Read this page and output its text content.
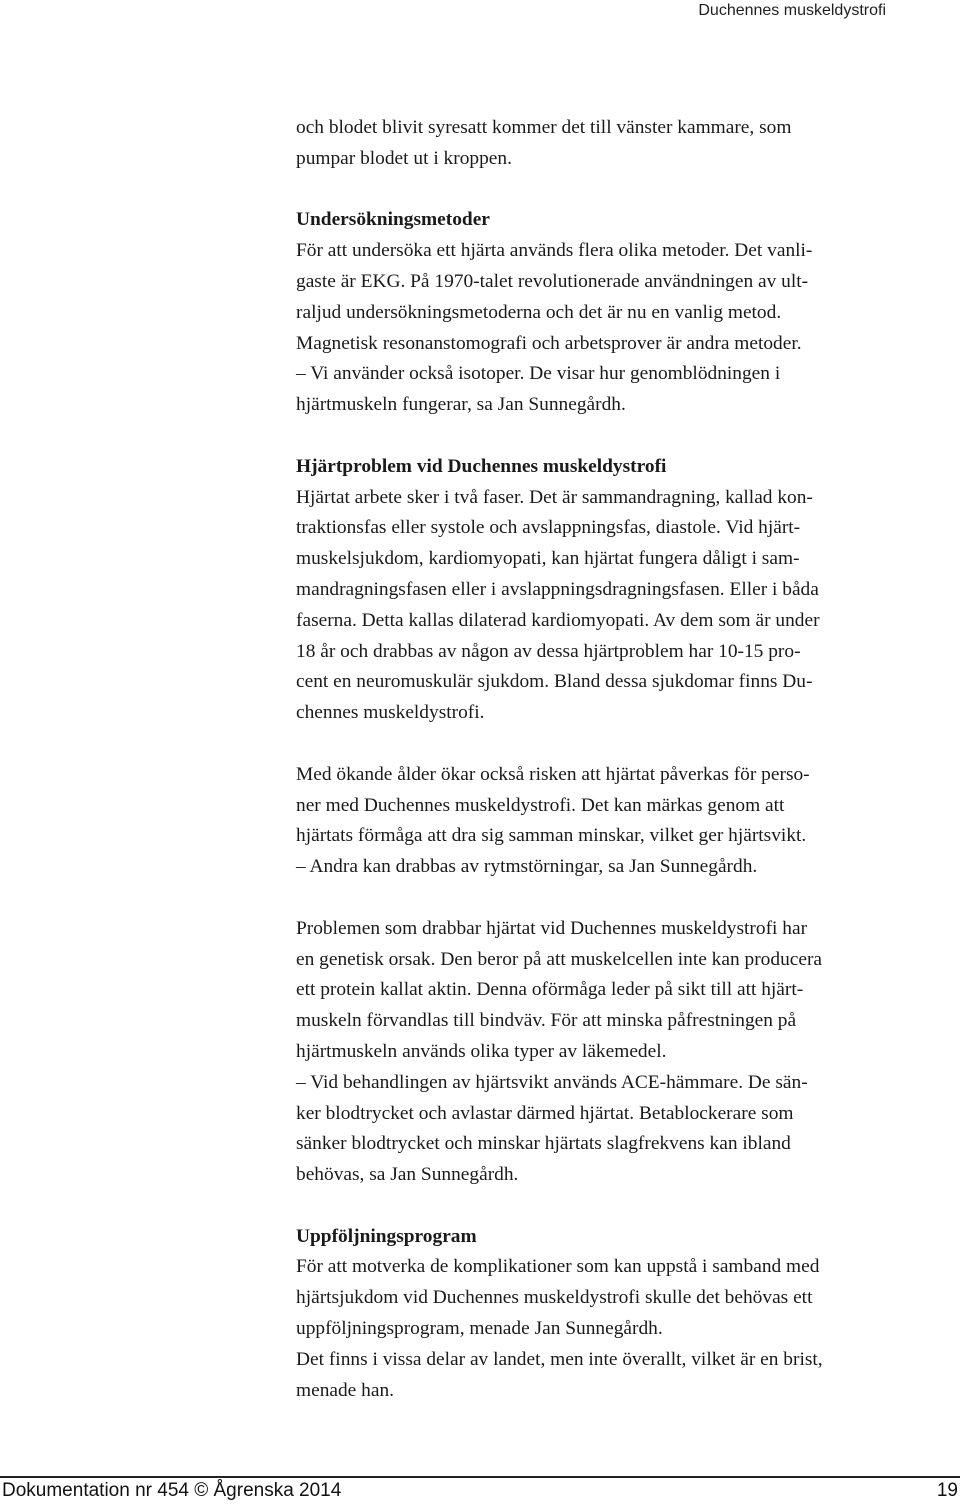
Duchennes muskeldystrofi
och blodet blivit syresatt kommer det till vänster kammare, som
pumpar blodet ut i kroppen.
Undersökningsmetoder
För att undersöka ett hjärta används flera olika metoder. Det vanli-
gaste är EKG. På 1970-talet revolutionerade användningen av ult-
raljud undersökningsmetoderna och det är nu en vanlig metod.
Magnetisk resonanstomografi och arbetsprover är andra metoder.
– Vi använder också isotoper. De visar hur genomblödningen i
hjärtmuskeln fungerar, sa Jan Sunnegårdh.
Hjärtproblem vid Duchennes muskeldystrofi
Hjärtat arbete sker i två faser. Det är sammandragning, kallad kon-
traktionsfas eller systole och avslappningsfas, diastole. Vid hjärt-
muskelsjukdom, kardiomyopati, kan hjärtat fungera dåligt i sam-
mandragningsfasen eller i avslappningsdragningsfasen. Eller i båda
faserna. Detta kallas dilaterad kardiomyopati. Av dem som är under
18 år och drabbas av någon av dessa hjärtproblem har 10-15 pro-
cent en neuromuskulär sjukdom. Bland dessa sjukdomar finns Du-
chennes muskeldystrofi.
Med ökande ålder ökar också risken att hjärtat påverkas för perso-
ner med Duchennes muskeldystrofi. Det kan märkas genom att
hjärtats förmåga att dra sig samman minskar, vilket ger hjärtsvikt.
– Andra kan drabbas av rytmstörningar, sa Jan Sunnegårdh.
Problemen som drabbar hjärtat vid Duchennes muskeldystrofi har
en genetisk orsak. Den beror på att muskelcellen inte kan producera
ett protein kallat aktin. Denna oförmåga leder på sikt till att hjärt-
muskeln förvandlas till bindväv. För att minska påfrestningen på
hjärtmuskeln används olika typer av läkemedel.
– Vid behandlingen av hjärtsvikt används ACE-hämmare. De sän-
ker blodtrycket och avlastar därmed hjärtat. Betablockerare som
sänker blodtrycket och minskar hjärtats slagfrekvens kan ibland
behövas, sa Jan Sunnegårdh.
Uppföljningsprogram
För att motverka de komplikationer som kan uppstå i samband med
hjärtsjukdom vid Duchennes muskeldystrofi skulle det behövas ett
uppföljningsprogram, menade Jan Sunnegårdh.
Det finns i vissa delar av landet, men inte överallt, vilket är en brist,
menade han.
Dokumentation nr 454 © Ågrenska 2014	19
